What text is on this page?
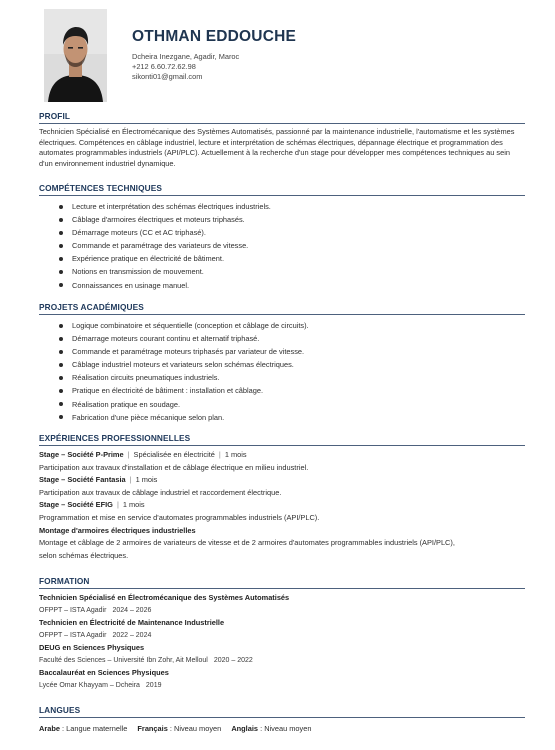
OTHMAN EDDOUCHE
Dcheira Inezgane, Agadir, Maroc
+212 6.60.72.62.98
sikonti01@gmail.com
PROFIL
Technicien Spécialisé en Électromécanique des Systèmes Automatisés, passionné par la maintenance industrielle, l'automatisme et les systèmes électriques. Compétences en câblage industriel, lecture et interprétation de schémas électriques, dépannage électrique et programmation des automates programmables industriels (API/PLC). Actuellement à la recherche d'un stage pour développer mes compétences techniques au sein d'un environnement industriel dynamique.
COMPÉTENCES TECHNIQUES
Lecture et interprétation des schémas électriques industriels.
Câblage d'armoires électriques et moteurs triphasés.
Démarrage moteurs (CC et AC triphasé).
Commande et paramétrage des variateurs de vitesse.
Expérience pratique en électricité de bâtiment.
Notions en transmission de mouvement.
Connaissances en usinage manuel.
PROJETS ACADÉMIQUES
Logique combinatoire et séquentielle (conception et câblage de circuits).
Démarrage moteurs courant continu et alternatif triphasé.
Commande et paramétrage moteurs triphasés par variateur de vitesse.
Câblage industriel moteurs et variateurs selon schémas électriques.
Réalisation circuits pneumatiques industriels.
Pratique en électricité de bâtiment : installation et câblage.
Réalisation pratique en soudage.
Fabrication d'une pièce mécanique selon plan.
EXPÉRIENCES PROFESSIONNELLES
Stage – Société P-Prime | Spécialisée en électricité | 1 mois
Participation aux travaux d'installation et de câblage électrique en milieu industriel.
Stage – Société Fantasia | 1 mois
Participation aux travaux de câblage industriel et raccordement électrique.
Stage – Société EFIG | 1 mois
Programmation et mise en service d'automates programmables industriels (API/PLC).
Montage d'armoires électriques industrielles
Montage et câblage de 2 armoires de variateurs de vitesse et de 2 armoires d'automates programmables industriels (API/PLC),
selon schémas électriques.
FORMATION
Technicien Spécialisé en Électromécanique des Systèmes Automatisés
OFPPT – ISTA Agadir 2024 – 2026
Technicien en Électricité de Maintenance Industrielle
OFPPT – ISTA Agadir 2022 – 2024
DEUG en Sciences Physiques
Faculté des Sciences – Université Ibn Zohr, Ait Melloul 2020 – 2022
Baccalauréat en Sciences Physiques
Lycée Omar Khayyam – Dcheira 2019
LANGUES
Arabe : Langue maternelle Français : Niveau moyen Anglais : Niveau moyen
